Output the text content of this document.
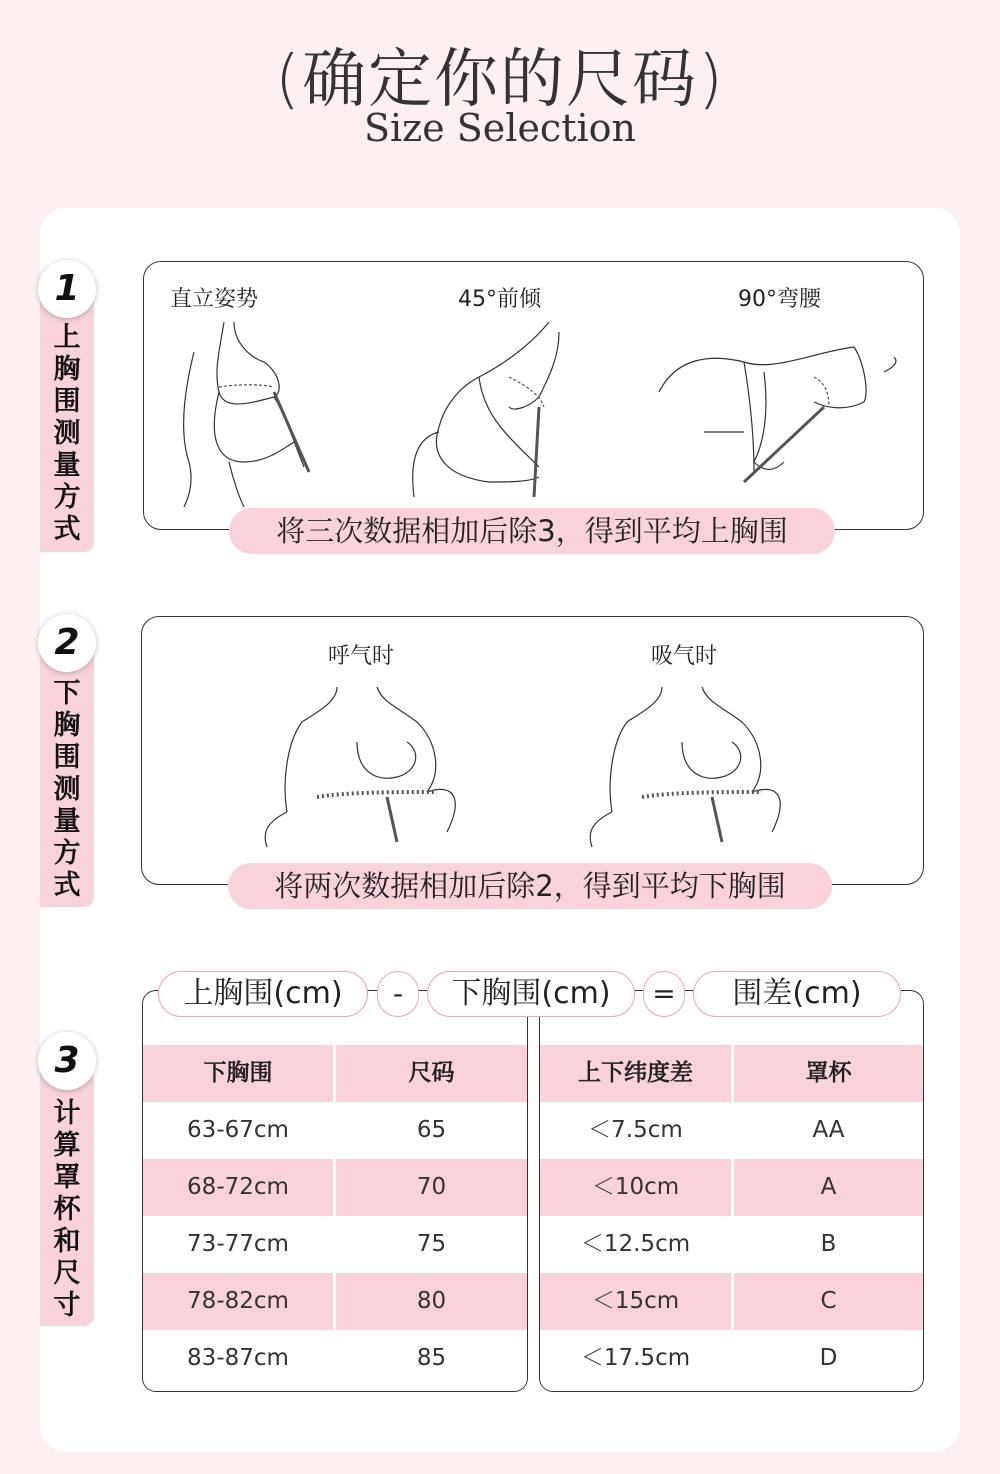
(确定你的尺码)
Size Selection
1
上
胸
围
测
量
方
式
直立姿势	45°前倾	90°弯腰
将三次数据相加后除3，得到平均上胸围
2
下
胸
围
测
量
方
式
呼气时	吸气时
将两次数据相加后除2，得到平均下胸围
3
计
算
罩
杯
和
尺
寸
下胸围	尺码
63-67cm	65
68-72cm	70
73-77cm	75
78-82cm	80
83-87cm	85
上下纬度差	罩杯
＜7.5cm	AA
＜10cm	A
＜12.5cm	B
＜15cm	C
＜17.5cm	D
上胸围(cm)	-	下胸围(cm)	=	围差(cm)
